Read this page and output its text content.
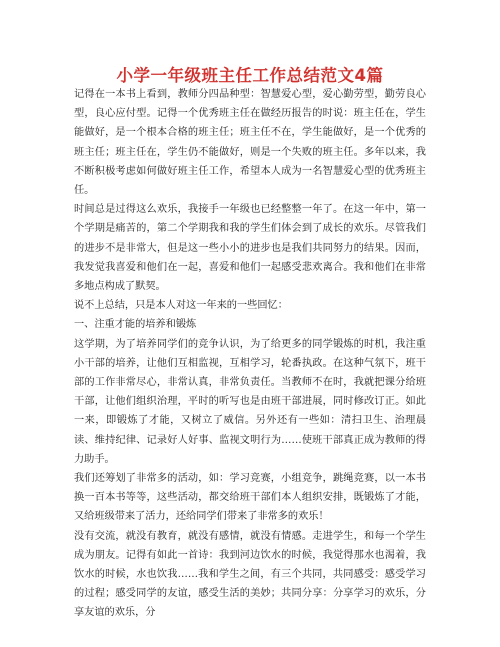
小学一年级班主任工作总结范文4篇

记得在一本书上看到，教师分四品种型：智慧爱心型，爱心勤劳型，勤劳良心型，良心应付型。记得一个优秀班主任在做经历报告的时说：班主任在，学生能做好，是一个根本合格的班主任；班主任不在，学生能做好，是一个优秀的班主任；班主任在，学生仍不能做好，则是一个失败的班主任。多年以来，我不断积极考虑如何做好班主任工作，希望本人成为一名智慧爱心型的优秀班主任。

时间总是过得这么欢乐，我接手一年级也已经整整一年了。在这一年中，第一个学期是痛苦的，第二个学期我和我的学生们体会到了成长的欢乐。尽管我们的进步不是非常大，但是这一些小小的进步也是我们共同努力的结果。因而，我发觉我喜爱和他们在一起，喜爱和他们一起感受悲欢离合。我和他们在非常多地点构成了默契。

说不上总结，只是本人对这一年来的一些回忆：

一、注重才能的培养和锻炼

这学期，为了培养同学们的竞争认识，为了给更多的同学锻炼的时机，我注重小干部的培养，让他们互相监视，互相学习，轮番执政。在这种气氛下，班干部的工作非常尽心，非常认真，非常负责任。当教师不在时，我就把课分给班干部，让他们组织治理，平时的听写也是由班干部进展，同时修改订正。如此一来，即锻炼了才能，又树立了威信。另外还有一些如：清扫卫生、治理晨读、维持纪律、记录好人好事、监视文明行为……使班干部真正成为教师的得力助手。

我们还筹划了非常多的活动，如：学习竞赛，小组竞争，跳绳竞赛，以一本书换一百本书等等，这些活动，都交给班干部们本人组织安排，既锻炼了才能，又给班级带来了活力，还给同学们带来了非常多的欢乐！

没有交流，就没有教育，就没有感情，就没有情感。走进学生，和每一个学生成为朋友。记得有如此一首诗：我到河边饮水的时候，我觉得那水也渴着，我饮水的时候，水也饮我……我和学生之间，有三个共同，共同感受：感受学习的过程；感受同学的友谊，感受生活的美妙；共同分享：分享学习的欢乐，分享友谊的欢乐，分
